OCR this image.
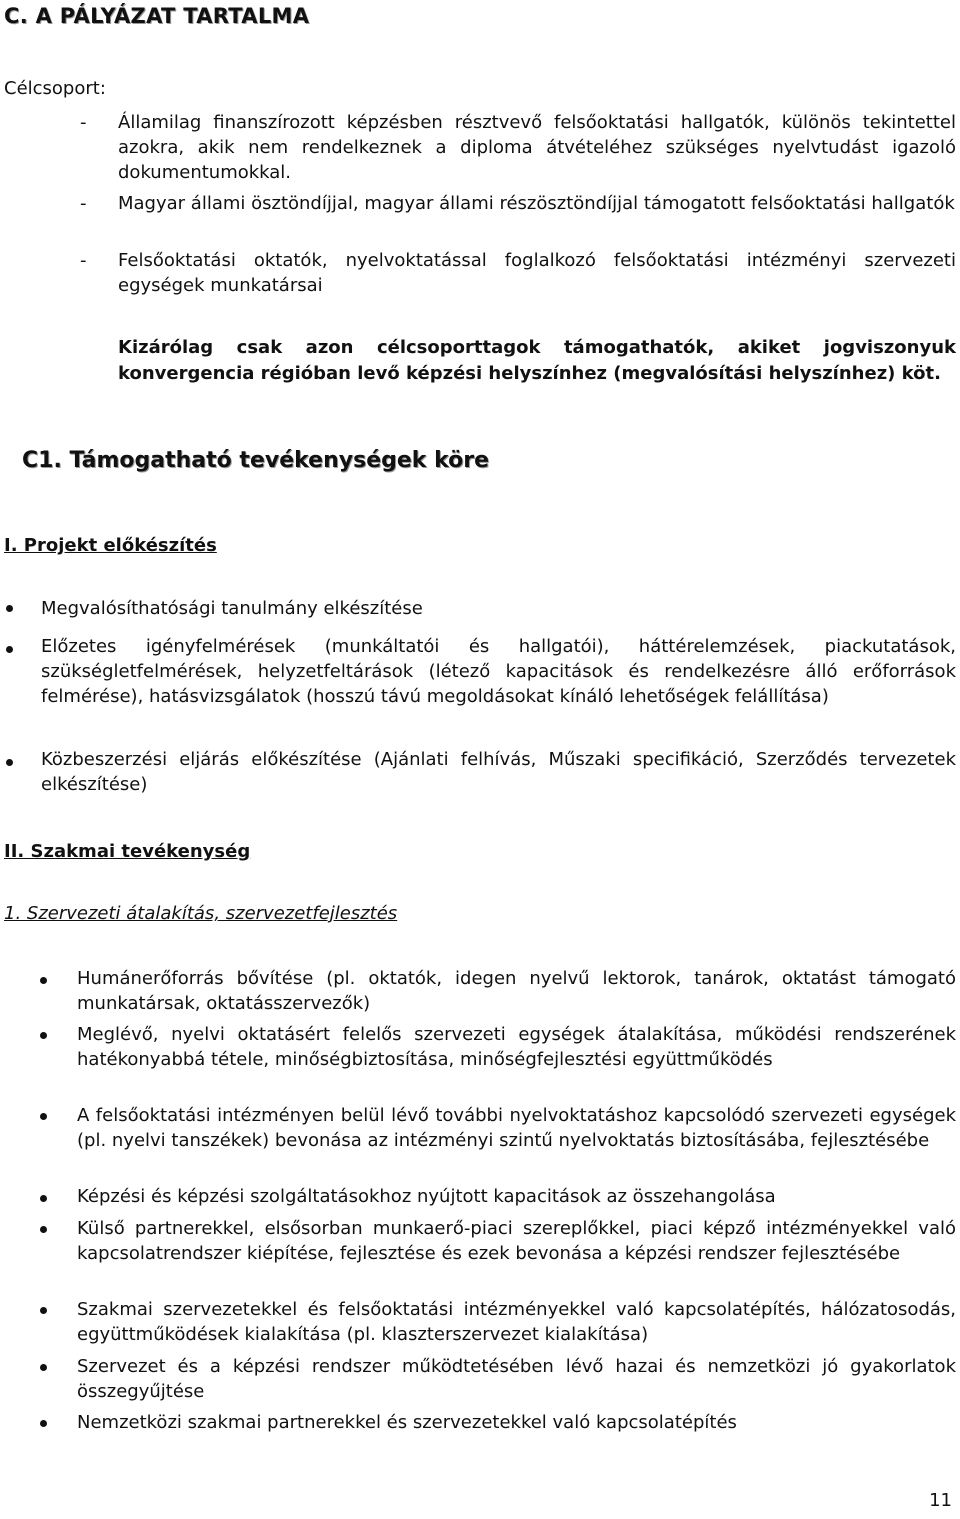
C. A PÁLYÁZAT TARTALMA
Célcsoport:
- Államilag finanszírozott képzésben résztvevő felsőoktatási hallgatók, különös tekintettel azokra, akik nem rendelkeznek a diploma átvételéhez szükséges nyelvtudást igazoló dokumentumokkal.
- Magyar állami ösztöndíjjal, magyar állami részösztöndíjjal támogatott felsőoktatási hallgatók
- Felsőoktatási oktatók, nyelvoktatással foglalkozó felsőoktatási intézményi szervezeti egységek munkatársai
Kizárólag csak azon célcsoporttagok támogathatók, akiket jogviszonyuk konvergencia régióban levő képzési helyszínhez (megvalósítási helyszínhez) köt.
C1. Támogatható tevékenységek köre
I. Projekt előkészítés
Megvalósíthatósági tanulmány elkészítése
Előzetes igényfelmérések (munkáltatói és hallgatói), háttérelemzések, piackutatások, szükségletfelmérések, helyzetfeltárások (létező kapacitások és rendelkezésre álló erőforrások felmérése), hatásvizsgálatok (hosszú távú megoldásokat kínáló lehetőségek felállítása)
Közbeszerzési eljárás előkészítése (Ajánlati felhívás, Műszaki specifikáció, Szerződés tervezetek elkészítése)
II. Szakmai tevékenység
1. Szervezeti átalakítás, szervezetfejlesztés
Humánerőforrás bővítése (pl. oktatók, idegen nyelvű lektorok, tanárok, oktatást támogató munkatársak, oktatásszervezők)
Meglévő, nyelvi oktatásért felelős szervezeti egységek átalakítása, működési rendszerének hatékonyabbá tétele, minőségbiztosítása, minőségfejlesztési együttműködés
A felsőoktatási intézményen belül lévő további nyelvoktatáshoz kapcsolódó szervezeti egységek (pl. nyelvi tanszékek) bevonása az intézményi szintű nyelvoktatás biztosításába, fejlesztésébe
Képzési és képzési szolgáltatásokhoz nyújtott kapacitások az összehangolása
Külső partnerekkel, elsősorban munkaerő-piaci szereplőkkel, piaci képző intézményekkel való kapcsolatrendszer kiépítése, fejlesztése és ezek bevonása a képzési rendszer fejlesztésébe
Szakmai szervezetekkel és felsőoktatási intézményekkel való kapcsolatépítés, hálózatosodás, együttműködések kialakítása (pl. klaszterszervezet kialakítása)
Szervezet és a képzési rendszer működtetésében lévő hazai és nemzetközi jó gyakorlatok összegyűjtése
Nemzetközi szakmai partnerekkel és szervezetekkel való kapcsolatépítés
11
